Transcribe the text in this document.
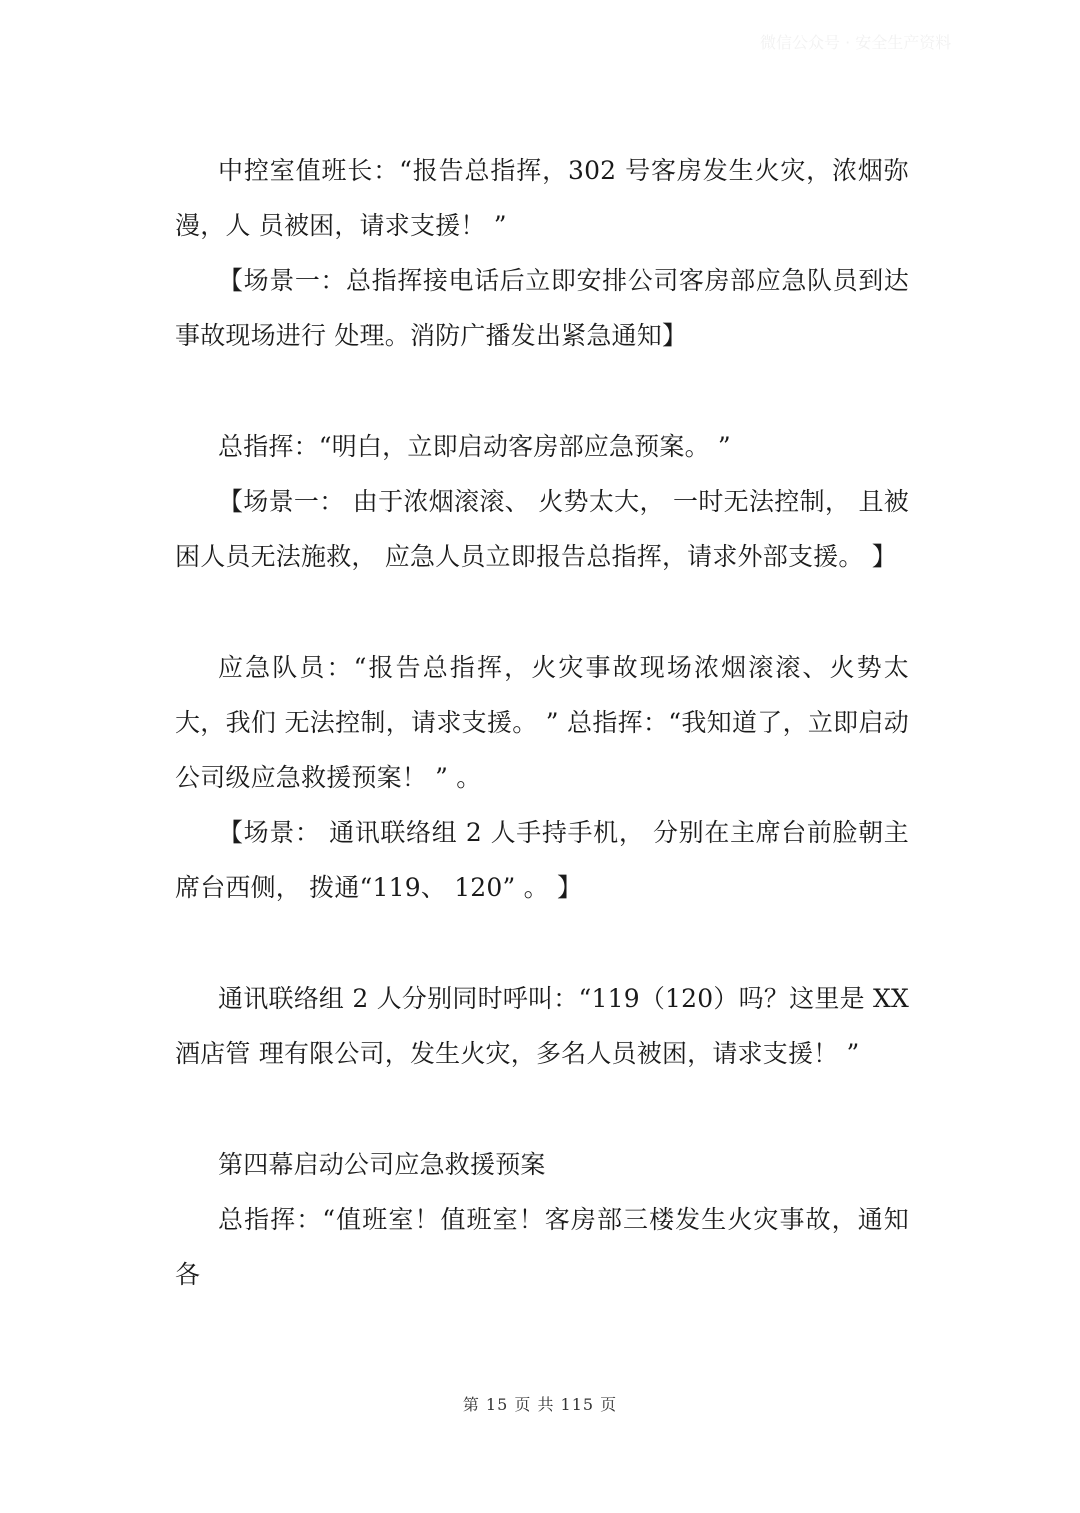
微信公众号 · 安全生产资料

中控室值班长：“报告总指挥，302 号客房发生火灾，浓烟弥漫，人 员被困，请求支援！ ”

【场景一：总指挥接电话后立即安排公司客房部应急队员到达事故现场进行 处理。消防广播发出紧急通知】

总指挥：“明白，立即启动客房部应急预案。 ”

【场景一： 由于浓烟滚滚、 火势太大， 一时无法控制， 且被困人员无法施救， 应急人员立即报告总指挥，请求外部支援。 】

应急队员：“报告总指挥，火灾事故现场浓烟滚滚、火势太大，我们 无法控制，请求支援。 ” 总指挥：“我知道了，立即启动公司级应急救援预案！ ” 。

【场景： 通讯联络组 2 人手持手机， 分别在主席台前脸朝主席台西侧， 拨通“119、 120” 。 】

通讯联络组 2 人分别同时呼叫：“119（120）吗？这里是 XX 酒店管 理有限公司，发生火灾，多名人员被困，请求支援！ ”

第四幕启动公司应急救援预案

总指挥：“值班室！值班室！客房部三楼发生火灾事故，通知各

第 15 页 共 115 页
